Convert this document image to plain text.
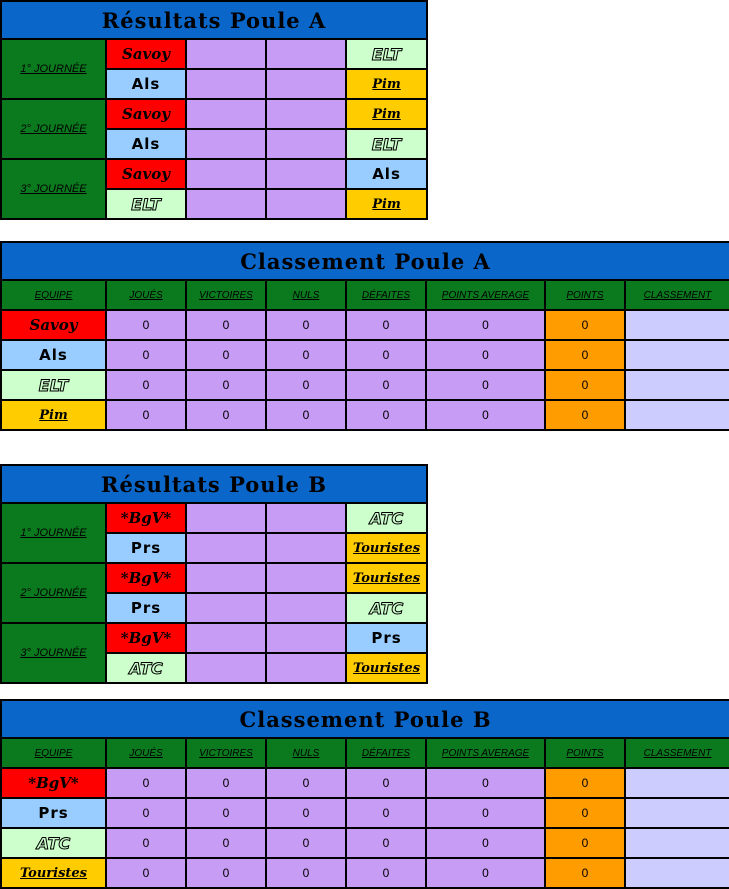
Résultats Poule A				
1° JOURNÉE	Savoy			ELT
	Als			Pim
2° JOURNÉE	Savoy			Pim
	Als			ELT
3° JOURNÉE	Savoy			Als
	ELT			Pim
Classement Poule A							
EQUIPE	JOUÉS	VICTOIRES	NULS	DÉFAITES	POINTS AVERAGE	POINTS	CLASSEMENT
Savoy	0	0	0	0	0	0	
Als	0	0	0	0	0	0	
ELT	0	0	0	0	0	0	
Pim	0	0	0	0	0	0	
Résultats Poule B				
1° JOURNÉE	*BgV*			ATC
	Prs			Touristes
2° JOURNÉE	*BgV*			Touristes
	Prs			ATC
3° JOURNÉE	*BgV*			Prs
	ATC			Touristes
Classement Poule B							
EQUIPE	JOUÉS	VICTOIRES	NULS	DÉFAITES	POINTS AVERAGE	POINTS	CLASSEMENT
*BgV*	0	0	0	0	0	0	
Prs	0	0	0	0	0	0	
ATC	0	0	0	0	0	0	
Touristes	0	0	0	0	0	0	
